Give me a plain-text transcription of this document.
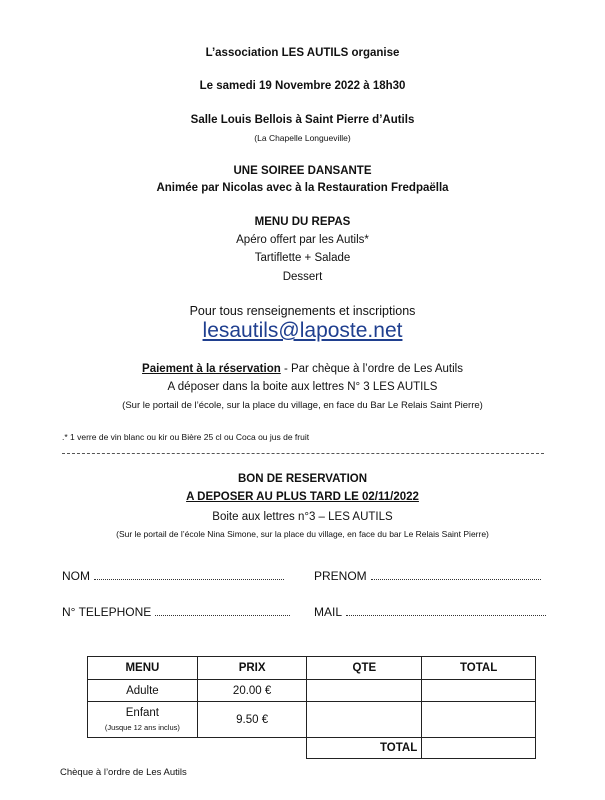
L’association LES AUTILS organise
Le samedi 19 Novembre 2022 à 18h30
Salle Louis Bellois à Saint Pierre d’Autils
(La Chapelle Longueville)
UNE SOIREE DANSANTE
Animée par Nicolas avec à la Restauration Fredpaëlla
MENU DU REPAS
Apéro offert par les Autils*
Tartiflette + Salade
Dessert
Pour tous renseignements et inscriptions
lesautils@laposte.net
Paiement à la réservation - Par chèque à l’ordre de Les Autils
A déposer dans la boite aux lettres N° 3 LES AUTILS
(Sur le portail de l’école, sur la place du village, en face du Bar Le Relais Saint Pierre)
.* 1 verre de vin blanc ou kir ou Bière 25 cl ou Coca ou jus de fruit
BON DE RESERVATION
A DEPOSER AU PLUS TARD LE 02/11/2022
Boite aux lettres n°3 – LES AUTILS
(Sur le portail de l’école Nina Simone, sur la place du village, en face du bar Le Relais Saint Pierre)
NOM	PRENOM
N° TELEPHONE	MAIL
MENU	PRIX	QTE	TOTAL
Adulte	20.00 €		

Enfant
(Jusque 12 ans inclus)	9.50 €		
		TOTAL	
Chèque à l’ordre de Les Autils
